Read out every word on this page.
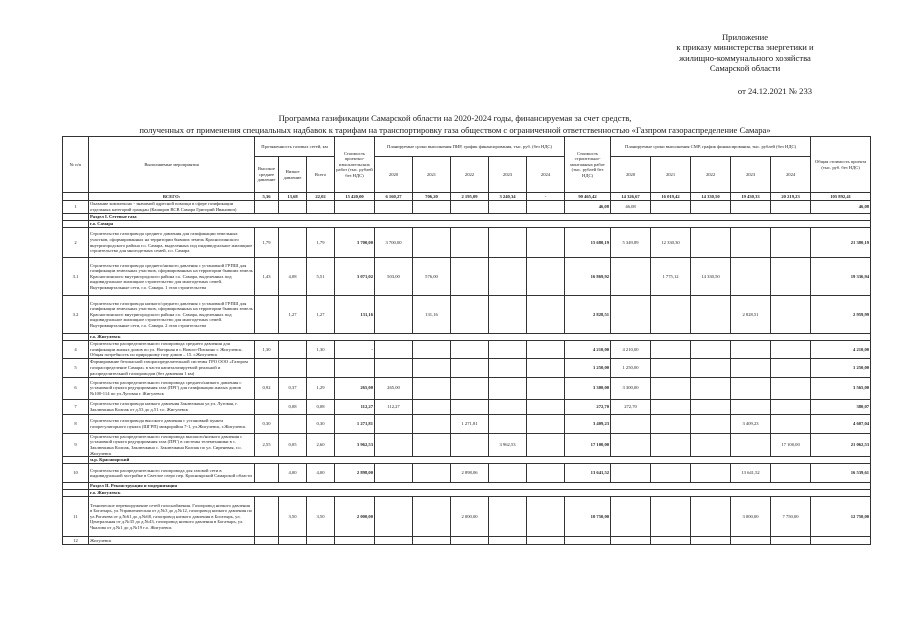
Приложение
к приказу министерства энергетики и
жилищно-коммунального хозяйства
Самарской области
от 24.12.2021 № 233
Программа газификации Самарской области на 2020-2024 годы, финансируемая за счет средств,
полученных от применения специальных надбавок к тарифам на транспортировку газа обществом с ограниченной ответственностью «Газпром газораспределение Самара»
№ п/п	Выполняемые мероприятия	Протяженность газовых сетей, км			Стоимость проектно-изыскательских работ (тыс. рублей без НДС)	Планируемые сроки выполнения ПИР, график финансирования, тыс. руб. (без НДС)					Стоимость строительно-монтажных работ (тыс. рублей без НДС)	Планируемые сроки выполнения СМР, график финансирования, тыс. рублей (без НДС)					Общая стоимость проекта (тыс. руб. без НДС)
		Высокое среднее давление	Низкое давление	Всего		2020	2021	2022	2023	2024		2020	2021	2022	2023	2024	
	ВСЕГО:	5,36	13,68	22,02	15 420,00	6 160,27	706,20	2 195,09	3 240,34	-	90 465,42	14 326,67	16 019,42	14 330,50	19 430,33	20 219,23	105 892,41
1	Оказание комплексно - значимой адресной помощи в сфере газификации отдельных категорий граждан (Каширов ВСВ Самара Григорий Иванович)										46,08	46,08					46,08
	Раздел I. Сетевые газа																
	г.о. Самара																
2	Строительство газопровода среднего давления для газификации земельных участков, сформированных на территории бывших земель Красноглинского внутригородского района г.о. Самара, выделенных под индивидуальное жилищное строительство для многодетных семей, г.о. Самара	1,79		1,79	3 700,00	3 700,00					15 680,19	5 349,89	12 330,30				21 380,19
3.1	Строительство газопровода среднего/низкого давления с установкой ГРПШ для газификации земельных участков, сформированных на территории бывших земель Красноглинского внутригородского района г.о. Самара, выделенных под индивидуальное жилищное строительство для многодетных семей. Внутриквартальные сети, г.о. Самара. 1 этап строительства	1,43	4,08	5,51	3 071,02	503,00	576,00				16 869,92		1 775,12	14 330,50			19 336,94
3.2	Строительство газопровода низкого/среднего давления с установкой ГРПШ для газификации земельных участков, сформированных на территории бывших земель Красноглинского внутригородского района г.о. Самара, выделенных под индивидуальное жилищное строительство для многодетных семей. Внутриквартальные сети, г.о. Самара. 2 этап строительства		1,27	1,27	131,16		131,16				2 828,51				2 828,51		2 959,99
	г.о. Жигулевск																
4	Строительство распределительного газопровода среднего давления для газификации жилых домов по ул. Нагорная в с.Нового-Пискино г. Жигулевск. Общая потребность по природному газу домов – 15. г.Жигулевск	1,30		1,30	-						4 210,00	4 210,00					4 210,00
5	Формирование безопасной газораспределительной системы ГРО ООО «Газпром газораспределение Самара» в части капитализируемой реальной и распределительной газопроводов (без давления 1 км)										1 250,00	1 250,00					1 250,00
6	Строительство распределительного газопровода среднего/низкого давления с установкой пункта редуцирования газа (ПРГ) для газификации жилых домов №100-114 по ул.Луговая г. Жигулевск	0,92	0,37	1,29	265,00	265,00					3 300,00	3 300,00					3 565,00
7	Строительство газопровода низкого давления Заключкина ул.ул. Луговая, г. Заключкина Колпак от д.53 до д.51 г.о. Жигулевск		0,08	0,08	112,27	112,27					272,70	272,70					380,07
8	Строительство газопровода высокого давления с установкой пункта газорегуляторного пункта (ШГРП) микрорайон 7-1, ул.Жигулевск, г.Жигулевск	0,30		0,30	1 271,81			1 271,81			3 409,23				3 409,23		4 607,04
9	Строительство распределительного газопровода высокого/низкого давления с установкой пункта редуцирования газа (ПРГ) в системы телемеханики в с. Заключкина Колпак, Заключкина с. Заключкина Колпак по ул. Сиреневая, г.о. Жигулевск	2,55	0,05	2,60	3 962,53				3 962,53		17 100,00					17 100,00	21 062,53
	м.р. Красноярский																
10	Строительство распределительного газопровода для газовой сети в индивидуальной застройке в Светлое озеро пер. Красноярский Самарской области		4,00	4,00	2 898,00			2 898,06			13 641,52				13 641,52		16 539,61
	Раздел II. Реконструкция и модернизация																
	г.о. Жигулевск																
11	Техническое перевооружение сетей газоснабжения. Газопровод низкого давления в Богатырь, ул.Управленческая от д.№3 до д.№12, газопровод низкого давления по ул.Рогачева от д.№61 до д.№68, газопровод низкого давления в Богатырь, ул. Центральная от д.№35 до д.№43, газопровод низкого давления в Богатырь, ул. Чкалова от д.№1 до д.№19 г.о. Жигулевск		3,50	3,50	2 000,00			2 000,00			10 750,00				3 000,00	7 750,00	12 750,00
12	Жигулевск																
